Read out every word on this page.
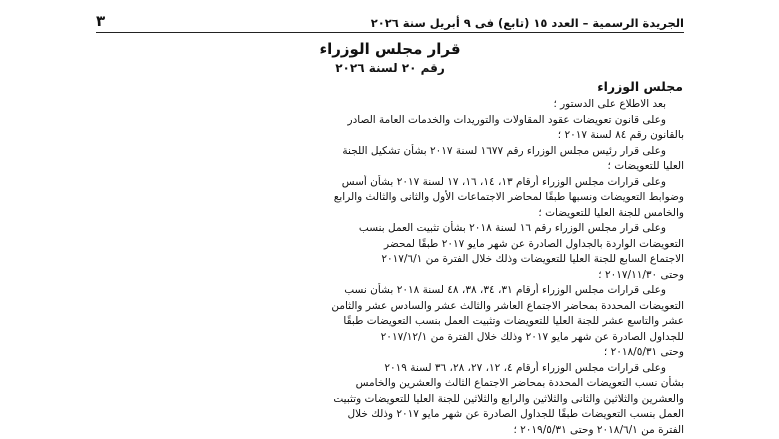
الجريدة الرسمية – العدد ١٥ (تابع) فى ٩ أبريل سنة ٢٠٢٦
٣
قرار مجلس الوزراء
رقم ٢٠ لسنة ٢٠٢٦
مجلس الوزراء
بعد الاطلاع على الدستور ؛
وعلى قانون تعويضات عقود المقاولات والتوريدات والخدمات العامة الصادر
بالقانون رقم ٨٤ لسنة ٢٠١٧ ؛
وعلى قرار رئيس مجلس الوزراء رقم ١٦٧٧ لسنة ٢٠١٧ بشأن تشكيل اللجنة
العليا للتعويضات ؛
وعلى قرارات مجلس الوزراء أرقام ١٣، ١٤، ١٦، ١٧ لسنة ٢٠١٧ بشأن أسس
وضوابط التعويضات ونسبها طبقًا لمحاضر الاجتماعات الأول والثانى والثالث والرابع
والخامس للجنة العليا للتعويضات ؛
وعلى قرار مجلس الوزراء رقم ١٦ لسنة ٢٠١٨ بشأن تثبيت العمل بنسب
التعويضات الواردة بالجداول الصادرة عن شهر مايو ٢٠١٧ طبقًا لمحضر
الاجتماع السابع للجنة العليا للتعويضات وذلك خلال الفترة من ٢٠١٧/٦/١
وحتى ٢٠١٧/١١/٣٠ ؛
وعلى قرارات مجلس الوزراء أرقام ٣١، ٣٤، ٣٨، ٤٨ لسنة ٢٠١٨ بشأن نسب
التعويضات المحددة بمحاضر الاجتماع العاشر والثالث عشر والسادس عشر والثامن
عشر والتاسع عشر للجنة العليا للتعويضات وتثبيت العمل بنسب التعويضات طبقًا
للجداول الصادرة عن شهر مايو ٢٠١٧ وذلك خلال الفترة من ٢٠١٧/١٢/١
وحتى ٢٠١٨/٥/٣١ ؛
وعلى قرارات مجلس الوزراء أرقام ٤، ١٢، ٢٧، ٢٨، ٣٦ لسنة ٢٠١٩
بشأن نسب التعويضات المحددة بمحاضر الاجتماع الثالث والعشرين والخامس
والعشرين والثلاثين والثانى والثلاثين والرابع والثلاثين للجنة العليا للتعويضات وتثبيت
العمل بنسب التعويضات طبقًا للجداول الصادرة عن شهر مايو ٢٠١٧ وذلك خلال
الفترة من ٢٠١٨/٦/١ وحتى ٢٠١٩/٥/٣١ ؛
